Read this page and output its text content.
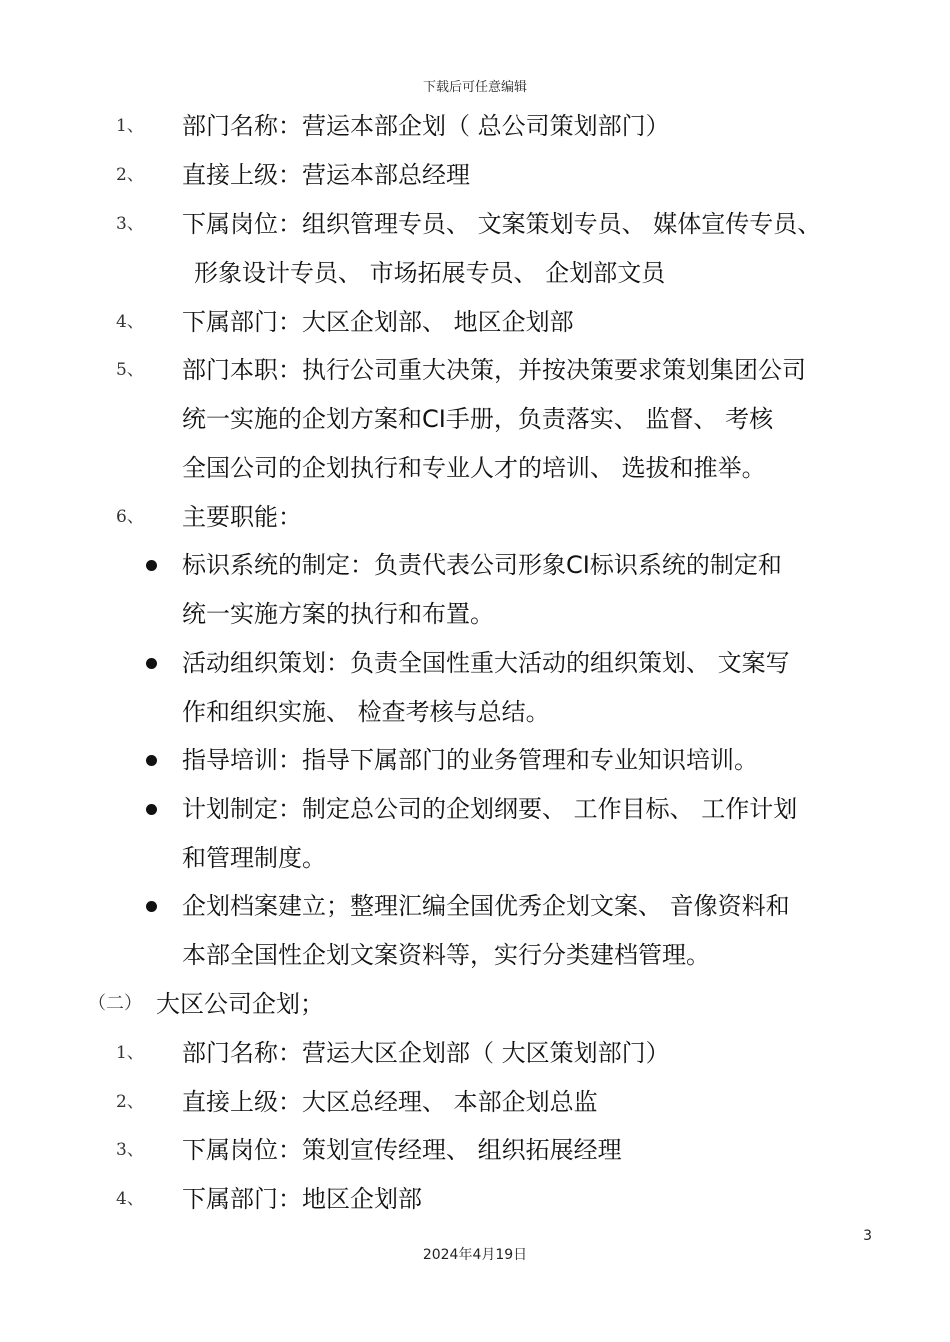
下载后可任意编辑
1、 部门名称：营运本部企划（ 总公司策划部门）
2、 直接上级：营运本部总经理
3、 下属岗位：组织管理专员、 文案策划专员、 媒体宣传专员、
形象设计专员、 市场拓展专员、 企划部文员
4、 下属部门：大区企划部、 地区企划部
5、 部门本职：执行公司重大决策，并按决策要求策划集团公司
统一实施的企划方案和CI手册，负责落实、 监督、 考核
全国公司的企划执行和专业人才的培训、 选拔和推举。
6、 主要职能：
标识系统的制定：负责代表公司形象CI标识系统的制定和
统一实施方案的执行和布置。
活动组织策划：负责全国性重大活动的组织策划、 文案写
作和组织实施、 检查考核与总结。
指导培训：指导下属部门的业务管理和专业知识培训。
计划制定：制定总公司的企划纲要、 工作目标、 工作计划
和管理制度。
企划档案建立；整理汇编全国优秀企划文案、 音像资料和
本部全国性企划文案资料等，实行分类建档管理。
（二） 大区公司企划；
1、 部门名称：营运大区企划部（ 大区策划部门）
2、 直接上级：大区总经理、 本部企划总监
3、 下属岗位：策划宣传经理、 组织拓展经理
4、 下属部门：地区企划部
3
2024年4月19日
